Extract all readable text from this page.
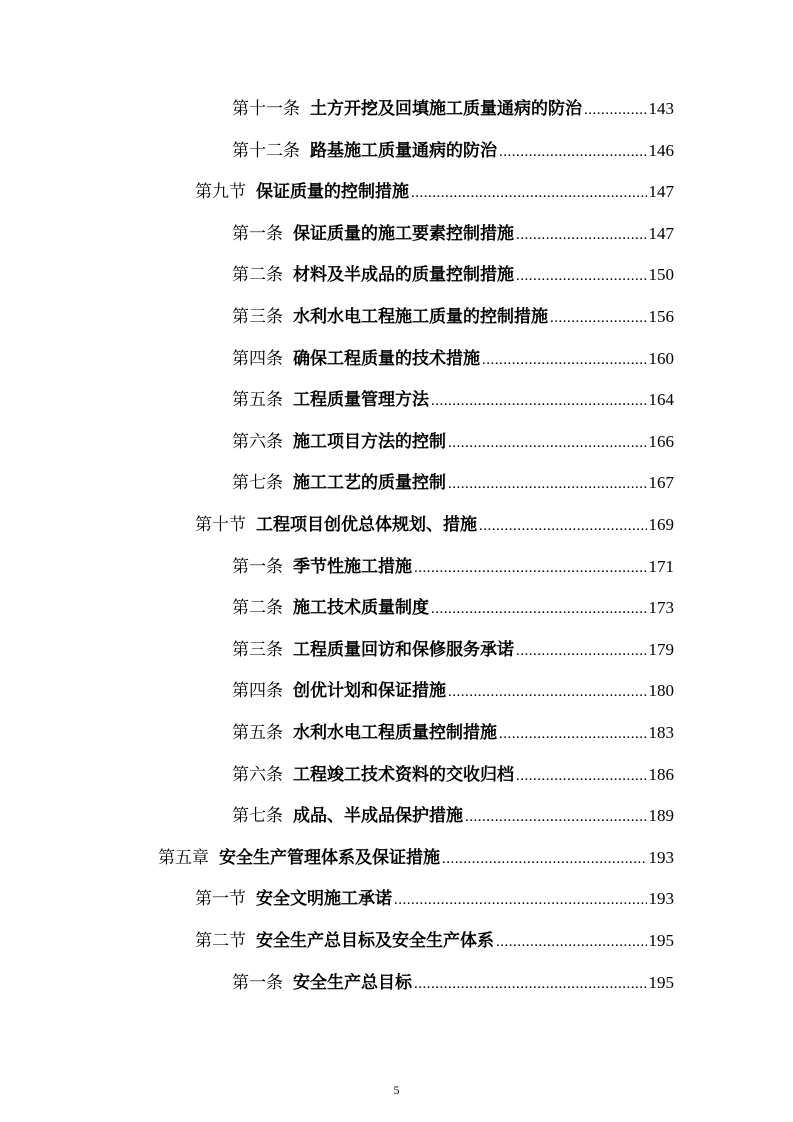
第十一条 土方开挖及回填施工质量通病的防治 .....	143
第十二条 路基施工质量通病的防治 .....	146
第九节 保证质量的控制措施 .....	147
第一条 保证质量的施工要素控制措施 .....	147
第二条 材料及半成品的质量控制措施 .....	150
第三条 水利水电工程施工质量的控制措施 .....	156
第四条 确保工程质量的技术措施 .....	160
第五条 工程质量管理方法 .....	164
第六条 施工项目方法的控制 .....	166
第七条 施工工艺的质量控制 .....	167
第十节 工程项目创优总体规划、措施 .....	169
第一条 季节性施工措施 .....	171
第二条 施工技术质量制度 .....	173
第三条 工程质量回访和保修服务承诺 .....	179
第四条 创优计划和保证措施 .....	180
第五条 水利水电工程质量控制措施 .....	183
第六条 工程竣工技术资料的交收归档 .....	186
第七条 成品、半成品保护措施 .....	189
第五章 安全生产管理体系及保证措施 .....	193
第一节 安全文明施工承诺 .....	193
第二节 安全生产总目标及安全生产体系 .....	195
第一条 安全生产总目标 .....	195
5
